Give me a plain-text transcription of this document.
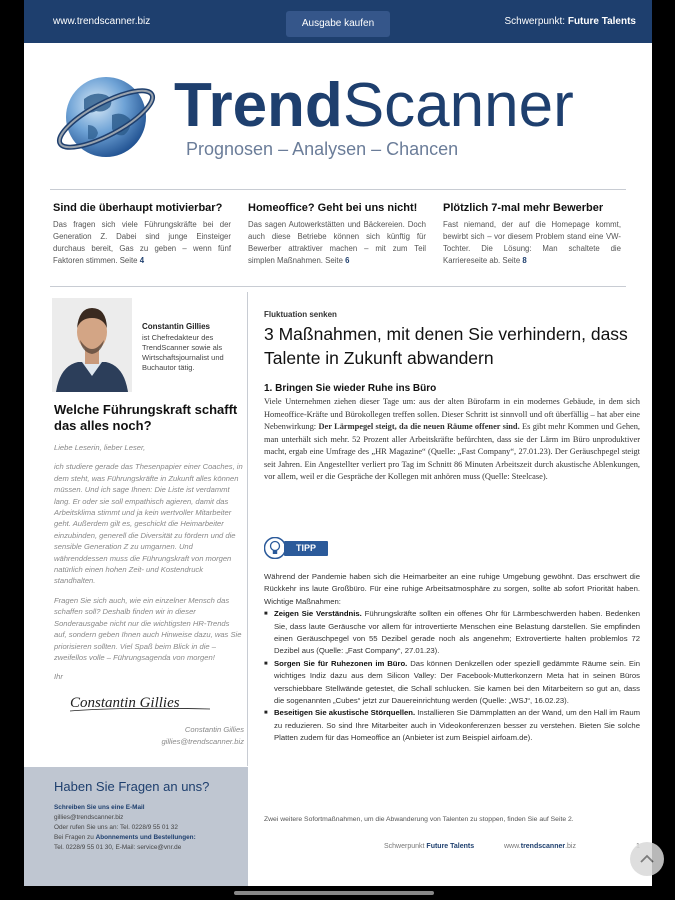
www.trendscanner.biz	Ausgabe kaufen	Schwerpunkt: Future Talents
TrendScanner
Prognosen – Analysen – Chancen
Sind die überhaupt motivierbar?

Das fragen sich viele Führungskräfte bei der Generation Z. Dabei sind junge Einsteiger durchaus bereit, Gas zu geben – wenn fünf Faktoren stimmen. Seite 4

Homeoffice? Geht bei uns nicht!

Das sagen Autowerkstätten und Bäckereien. Doch auch diese Betriebe können sich künftig für Bewerber attraktiver machen – mit zum Teil simplen Maßnahmen. Seite 6

Plötzlich 7-mal mehr Bewerber

Fast niemand, der auf die Homepage kommt, bewirbt sich – vor diesem Problem stand eine VW-Tochter. Die Lösung: Man schaltete die Karriereseite ab. Seite 8

Constantin Gillies
ist Chefredakteur des TrendScanner sowie als Wirtschaftsjournalist und Buchautor tätig.
Welche Führungskraft schafft das alles noch?

Liebe Leserin, lieber Leser,

ich studiere gerade das Thesenpapier einer Coaches, in dem steht, was Führungskräfte in Zukunft alles können müssen. Und ich sage Ihnen: Die Liste ist verdammt lang. Er oder sie soll empathisch agieren, damit das Arbeitsklima stimmt und ja kein wertvoller Mitarbeiter geht. Außerdem gilt es, geschickt die Heimarbeiter einzubinden, generell die Diversität zu fördern und die sensible Generation Z zu umgarnen. Und währenddessen muss die Führungskraft von morgen natürlich einen hohen Zeit- und Kostendruck standhalten.

Fragen Sie sich auch, wie ein einzelner Mensch das schaffen soll? Deshalb finden wir in dieser Sonderausgabe nicht nur die wichtigsten HR-Trends auf, sondern geben Ihnen auch Hinweise dazu, was Sie priorisieren sollten. Viel Spaß beim Blick in die – zweifellos volle – Führungsagenda von morgen!

Ihr

Constantin Gillies
Constantin Gillies
gillies@trendscanner.biz
Haben Sie Fragen an uns?
Schreiben Sie uns eine E-Mail
gillies@trendscanner.biz
Oder rufen Sie uns an: Tel. 0228/9 55 01 32
Bei Fragen zu Abonnements und Bestellungen:
Tel. 0228/9 55 01 30, E-Mail: service@vnr.de
Fluktuation senken
3 Maßnahmen, mit denen Sie verhindern, dass Talente in Zukunft abwandern
1. Bringen Sie wieder Ruhe ins Büro
Viele Unternehmen ziehen dieser Tage um: aus der alten Bürofarm in ein modernes Gebäude, in dem sich Homeoffice-Kräfte und Bürokollegen treffen sollen. Dieser Schritt ist sinnvoll und oft überfällig – hat aber eine Nebenwirkung: Der Lärmpegel steigt, da die neuen Räume offener sind. Es gibt mehr Kommen und Gehen, man unterhält sich mehr. 52 Prozent aller Arbeitskräfte befürchten, dass sie der Lärm im Büro unproduktiver macht, ergab eine Umfrage des „HR Magazine“ (Quelle: „Fast Company“, 27.01.23). Der Geräuschpegel steigt seit Jahren. Ein Angestellter verliert pro Tag im Schnitt 86 Minuten Arbeitszeit durch akustische Ablenkungen, vor allem, weil er die Gespräche der Kollegen mit anhören muss (Quelle: Steelcase).
TIPP
Während der Pandemie haben sich die Heimarbeiter an eine ruhige Umgebung gewöhnt. Das erschwert die Rückkehr ins laute Großbüro. Für eine ruhige Arbeitsatmosphäre zu sorgen, sollte ab sofort Priorität haben. Wichtige Maßnahmen:
■ Zeigen Sie Verständnis. Führungskräfte sollten ein offenes Ohr für Lärmbeschwerden haben. Bedenken Sie, dass laute Geräusche vor allem für introvertierte Menschen eine Belastung darstellen. Sie empfinden einen Geräuschpegel von 55 Dezibel gerade noch als angenehm; Extrovertierte halten problemlos 72 Dezibel aus (Quelle: „Fast Company“, 27.01.23).
■ Sorgen Sie für Ruhezonen im Büro. Das können Denkzellen oder speziell gedämmte Räume sein. Ein wichtiges Indiz dazu aus dem Silicon Valley: Der Facebook-Mutterkonzern Meta hat in seinen Büros verschiebbare Stellwände getestet, die Schall schlucken. Sie kamen bei den Mitarbeitern so gut an, dass die sogenannten „Cubes“ jetzt zur Dauereinrichtung werden (Quelle: „WSJ“, 16.02.23).
■ Beseitigen Sie akustische Störquellen. Installieren Sie Dämmplatten an der Wand, um den Hall im Raum zu reduzieren. So sind Ihre Mitarbeiter auch in Videokonferenzen besser zu verstehen. Bieten Sie solche Platten zudem für das Homeoffice an (Anbieter ist zum Beispiel airfoam.de).
Zwei weitere Sofortmaßnahmen, um die Abwanderung von Talenten zu stoppen, finden Sie auf Seite 2.
Schwerpunkt Future Talents	www.trendscanner.biz
